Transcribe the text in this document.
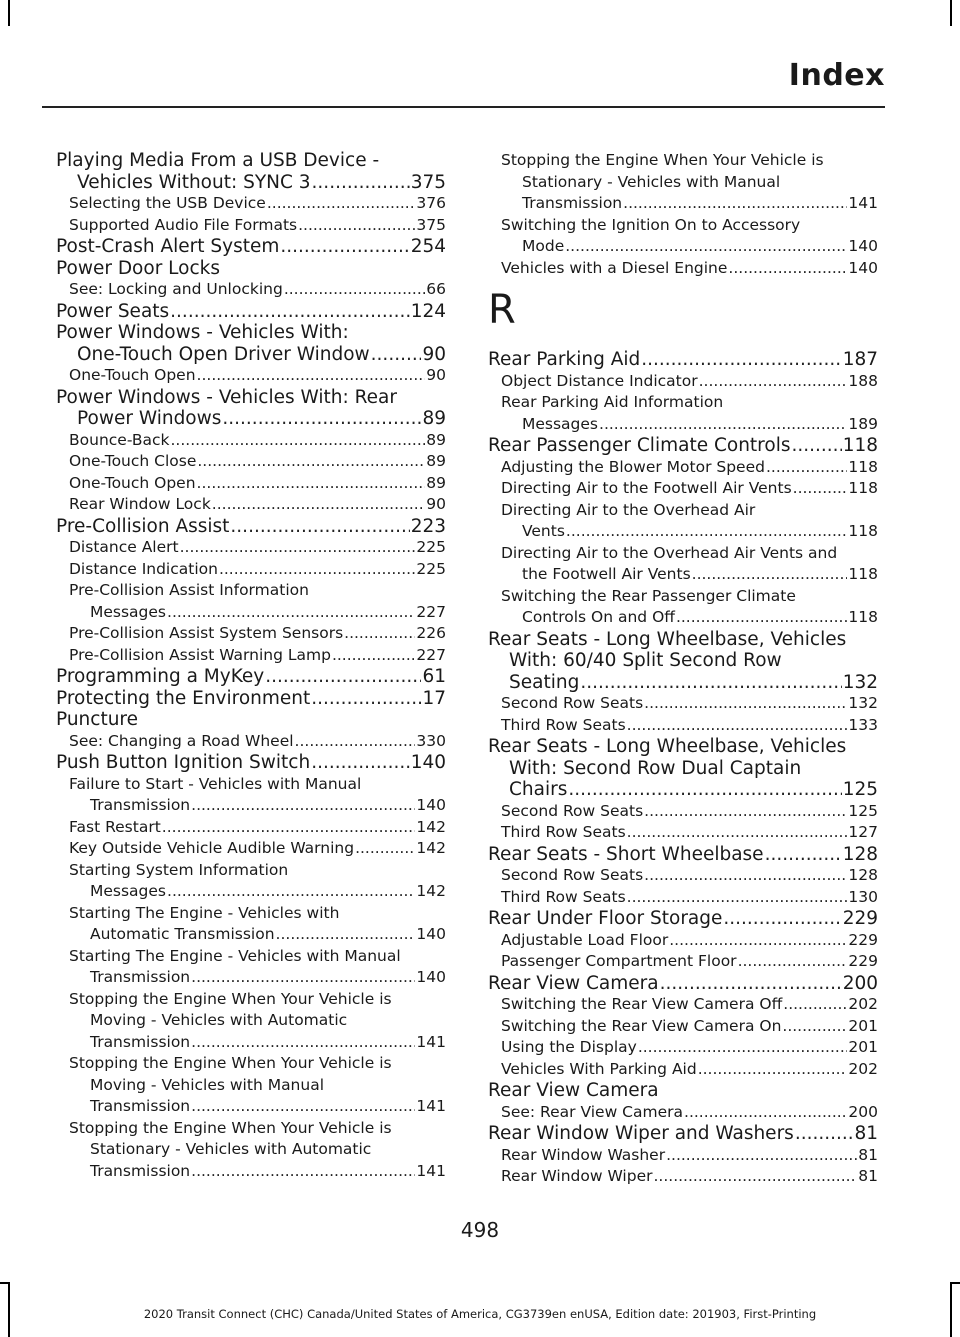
Index
Playing Media From a USB Device -
Vehicles Without: SYNC 3 .....	375
Selecting the USB Device .....	376
Supported Audio File Formats .....	375
Post-Crash Alert System .....	254
Power Door Locks
See: Locking and Unlocking .....	66
Power Seats .....	124
Power Windows - Vehicles With:
One-Touch Open Driver Window .....	90
One-Touch Open .....	90
Power Windows - Vehicles With: Rear
Power Windows .....	89
Bounce-Back .....	89
One-Touch Close .....	89
One-Touch Open .....	89
Rear Window Lock .....	90
Pre-Collision Assist .....	223
Distance Alert .....	225
Distance Indication .....	225
Pre-Collision Assist Information
Messages .....	227
Pre-Collision Assist System Sensors .....	226
Pre-Collision Assist Warning Lamp .....	227
Programming a MyKey .....	61
Protecting the Environment .....	17
Puncture
See: Changing a Road Wheel .....	330
Push Button Ignition Switch .....	140
Failure to Start - Vehicles with Manual
Transmission .....	140
Fast Restart .....	142
Key Outside Vehicle Audible Warning .....	142
Starting System Information
Messages .....	142
Starting The Engine - Vehicles with
Automatic Transmission .....	140
Starting The Engine - Vehicles with Manual
Transmission .....	140
Stopping the Engine When Your Vehicle is
Moving - Vehicles with Automatic
Transmission .....	141
Stopping the Engine When Your Vehicle is
Moving - Vehicles with Manual
Transmission .....	141
Stopping the Engine When Your Vehicle is
Stationary - Vehicles with Automatic
Transmission .....	141
Stopping the Engine When Your Vehicle is
Stationary - Vehicles with Manual
Transmission .....	141
Switching the Ignition On to Accessory
Mode .....	140
Vehicles with a Diesel Engine .....	140
R
Rear Parking Aid .....	187
Object Distance Indicator .....	188
Rear Parking Aid Information
Messages .....	189
Rear Passenger Climate Controls .....	118
Adjusting the Blower Motor Speed .....	118
Directing Air to the Footwell Air Vents .....	118
Directing Air to the Overhead Air
Vents .....	118
Directing Air to the Overhead Air Vents and
the Footwell Air Vents .....	118
Switching the Rear Passenger Climate
Controls On and Off .....	118
Rear Seats - Long Wheelbase, Vehicles
With: 60/40 Split Second Row
Seating .....	132
Second Row Seats .....	132
Third Row Seats .....	133
Rear Seats - Long Wheelbase, Vehicles
With: Second Row Dual Captain
Chairs .....	125
Second Row Seats .....	125
Third Row Seats .....	127
Rear Seats - Short Wheelbase .....	128
Second Row Seats .....	128
Third Row Seats .....	130
Rear Under Floor Storage .....	229
Adjustable Load Floor .....	229
Passenger Compartment Floor .....	229
Rear View Camera .....	200
Switching the Rear View Camera Off .....	202
Switching the Rear View Camera On .....	201
Using the Display .....	201
Vehicles With Parking Aid .....	202
Rear View Camera
See: Rear View Camera .....	200
Rear Window Wiper and Washers .....	81
Rear Window Washer .....	81
Rear Window Wiper .....	81
498
2020 Transit Connect (CHC) Canada/United States of America, CG3739en enUSA, Edition date: 201903, First-Printing
